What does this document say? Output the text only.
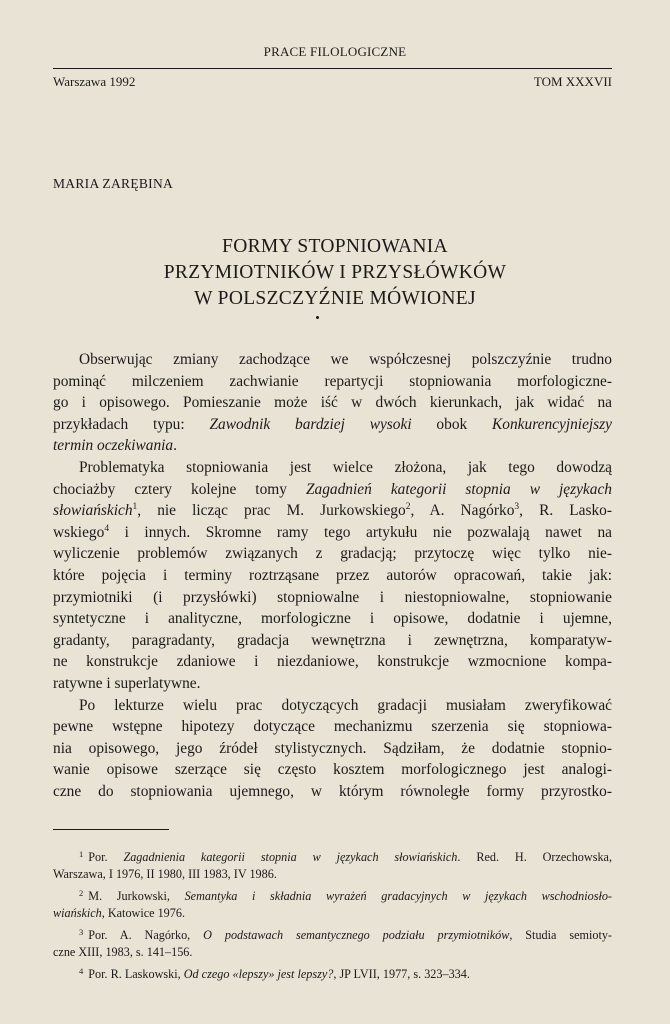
PRACE FILOLOGICZNE
Warszawa 1992	TOM XXXVII
MARIA ZARĘBINA
FORMY STOPNIOWANIA
PRZYMIOTNIKÓW I PRZYSŁÓWKÓW
W POLSZCZYŹNIE MÓWIONEJ
Obserwując zmiany zachodzące we współczesnej polszczyźnie trudno
pominąć milczeniem zachwianie repartycji stopniowania morfologiczne-
go i opisowego. Pomieszanie może iść w dwóch kierunkach, jak widać na
przykładach typu: Zawodnik bardziej wysoki obok Konkurencyjniejszy
termin oczekiwania.
Problematyka stopniowania jest wielce złożona, jak tego dowodzą
chociażby cztery kolejne tomy Zagadnień kategorii stopnia w językach
słowiańskich$^1$, nie licząc prac M. Jurkowskiego$^2$, A. Nagórko$^3$, R. Lasko-
wskiego$^4$ i innych. Skromne ramy tego artykułu nie pozwalają nawet na
wyliczenie problemów związanych z gradacją; przytoczę więc tylko nie-
które pojęcia i terminy roztrząsane przez autorów opracowań, takie jak:
przymiotniki (i przysłówki) stopniowalne i niestopniowalne, stopniowanie
syntetyczne i analityczne, morfologiczne i opisowe, dodatnie i ujemne,
gradanty, paragradanty, gradacja wewnętrzna i zewnętrzna, komparatyw-
ne konstrukcje zdaniowe i niezdaniowe, konstrukcje wzmocnione kompa-
ratywne i superlatywne.
Po lekturze wielu prac dotyczących gradacji musiałam zweryfikować
pewne wstępne hipotezy dotyczące mechanizmu szerzenia się stopniowa-
nia opisowego, jego źródeł stylistycznych. Sądziłam, że dodatnie stopnio-
wanie opisowe szerzące się często kosztem morfologicznego jest analogi-
czne do stopniowania ujemnego, w którym równoległe formy przyrostko-
$^1$ Por. Zagadnienia kategorii stopnia w językach słowiańskich. Red. H. Orzechowska,
Warszawa, I 1976, II 1980, III 1983, IV 1986.
$^2$ M. Jurkowski, Semantyka i składnia wyrażeń gradacyjnych w językach wschodniosło-
wiańskich, Katowice 1976.
$^3$ Por. A. Nagórko, O podstawach semantycznego podziału przymiotników, Studia semioty-
czne XIII, 1983, s. 141–156.
$^4$ Por. R. Laskowski, Od czego «lepszy» jest lepszy?, JP LVII, 1977, s. 323–334.
